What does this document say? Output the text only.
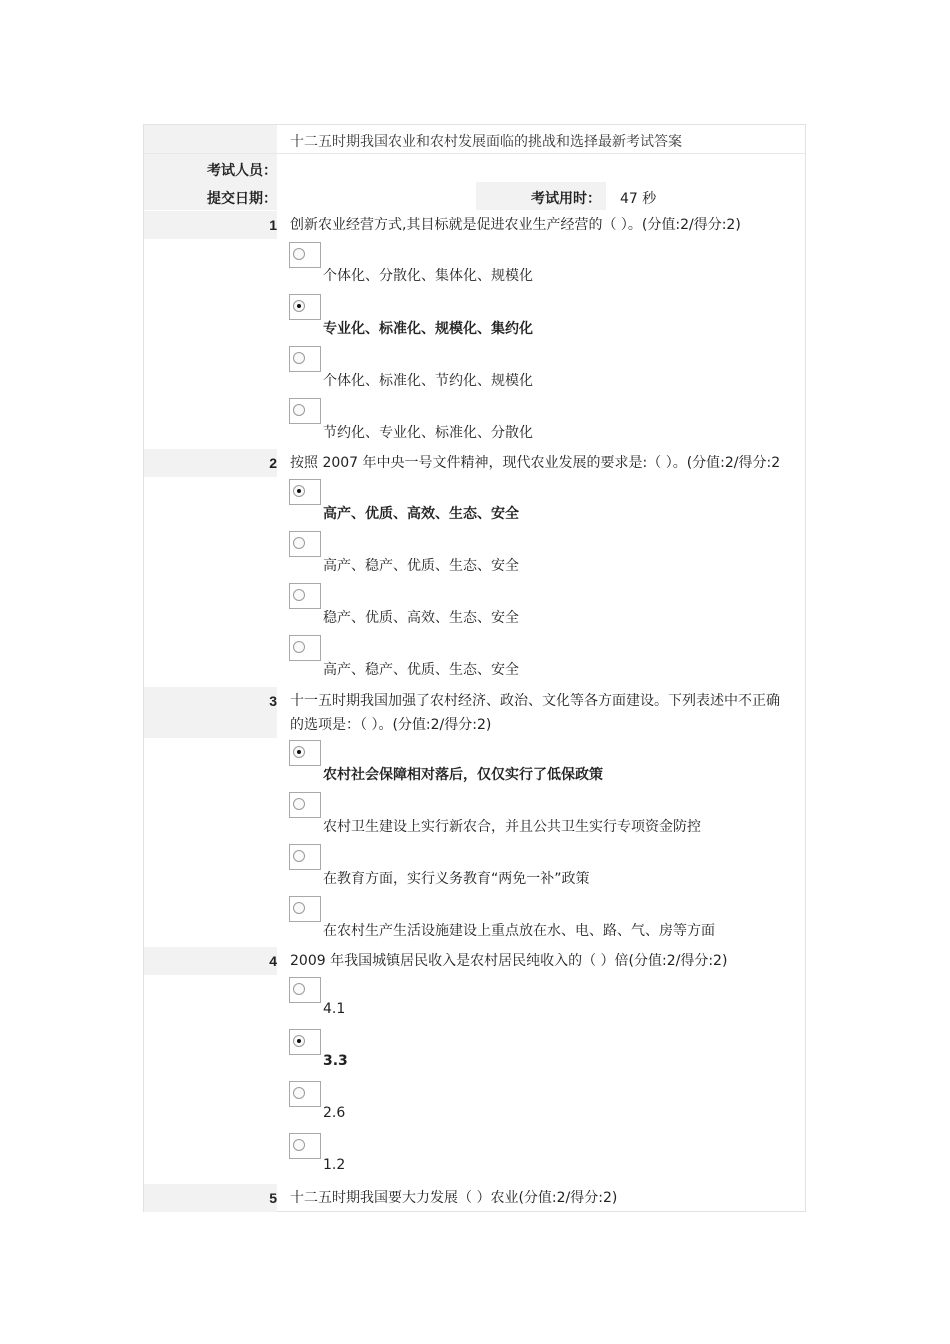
十二五时期我国农业和农村发展面临的挑战和选择最新考试答案
考试人员：
提交日期：	考试用时： 47 秒
1 创新农业经营方式,其目标就是促进农业生产经营的（ ）。(分值:2/得分:2)
个体化、分散化、集体化、规模化
专业化、标准化、规模化、集约化
个体化、标准化、节约化、规模化
节约化、专业化、标准化、分散化
2 按照 2007 年中央一号文件精神，现代农业发展的要求是:（ ）。(分值:2/得分:2
高产、优质、高效、生态、安全
高产、稳产、优质、生态、安全
稳产、优质、高效、生态、安全
高产、稳产、优质、生态、安全
3 十一五时期我国加强了农村经济、政治、文化等各方面建设。下列表述中不正确
的选项是：（ ）。(分值:2/得分:2)
农村社会保障相对落后，仅仅实行了低保政策
农村卫生建设上实行新农合，并且公共卫生实行专项资金防控
在教育方面，实行义务教育“两免一补”政策
在农村生产生活设施建设上重点放在水、电、路、气、房等方面
4 2009 年我国城镇居民收入是农村居民纯收入的（ ）倍(分值:2/得分:2)
4.1
3.3
2.6
1.2
5 十二五时期我国要大力发展（ ）农业(分值:2/得分:2)
